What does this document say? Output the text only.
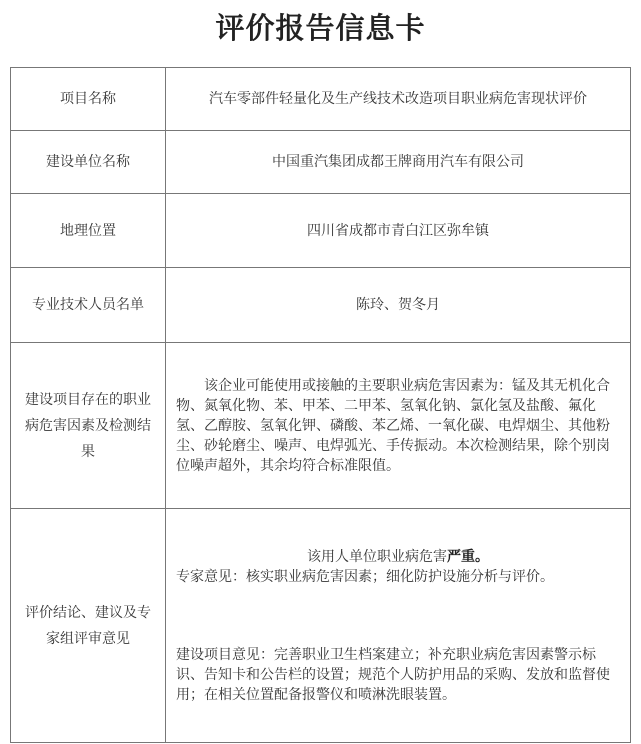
评价报告信息卡
项目名称	汽车零部件轻量化及生产线技术改造项目职业病危害现状评价
建设单位名称	中国重汽集团成都王牌商用汽车有限公司
地理位置	四川省成都市青白江区弥牟镇
专业技术人员名单	陈玲、贺冬月
建设项目存在的职业病危害因素及检测结果	该企业可能使用或接触的主要职业病危害因素为：锰及其无机化合物、氮氧化物、苯、甲苯、二甲苯、氢氧化钠、氯化氢及盐酸、氟化氢、乙醇胺、氢氧化钾、磷酸、苯乙烯、一氧化碳、电焊烟尘、其他粉尘、砂轮磨尘、噪声、电焊弧光、手传振动。本次检测结果，除个别岗位噪声超外，其余均符合标准限值。

评价结论、建议及专家组评审意见	该用人单位职业病危害严重。

专家意见：核实职业病危害因素；细化防护设施分析与评价。

建设项目意见：完善职业卫生档案建立；补充职业病危害因素警示标识、告知卡和公告栏的设置；规范个人防护用品的采购、发放和监督使用；在相关位置配备报警仪和喷淋洗眼装置。
